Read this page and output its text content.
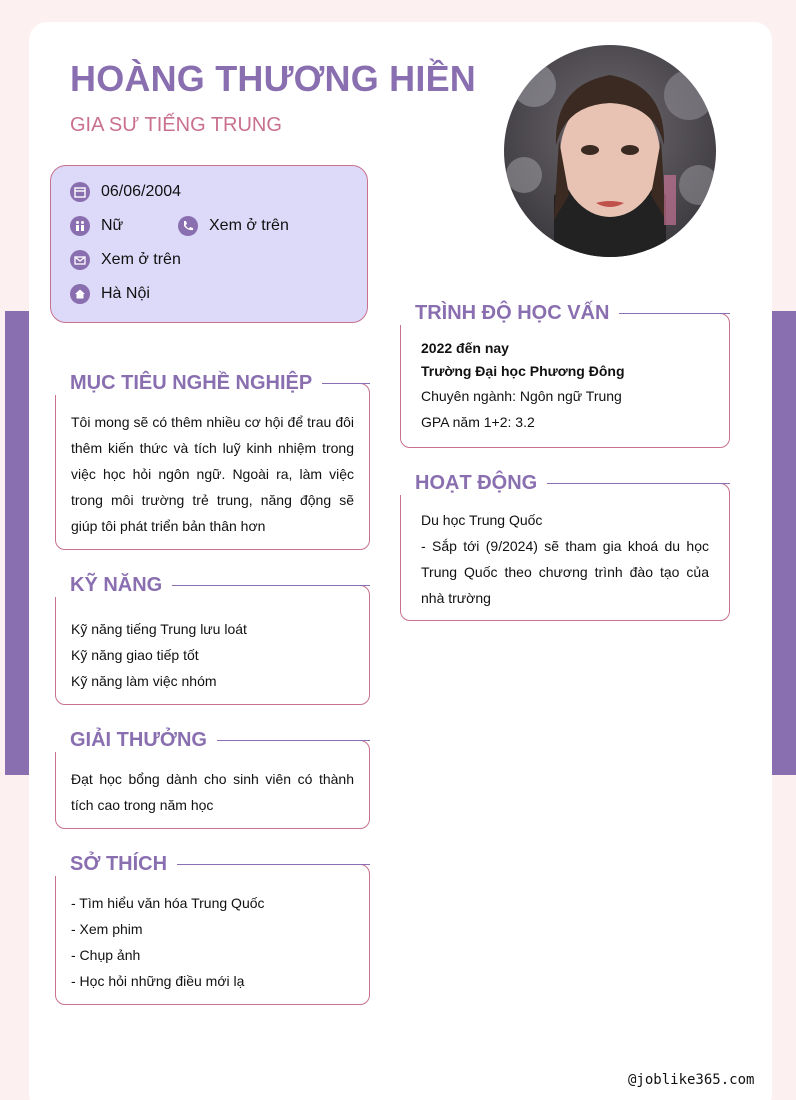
HOÀNG THƯƠNG HIỀN
GIA SƯ TIẾNG TRUNG
06/06/2004
Nữ	Xem ở trên
Xem ở trên
Hà Nội
MỤC TIÊU NGHỀ NGHIỆP
Tôi mong sẽ có thêm nhiều cơ hội để trau đôi thêm kiến thức và tích luỹ kinh nhiệm trong việc học hỏi ngôn ngữ. Ngoài ra, làm việc trong môi trường trẻ trung, năng động sẽ giúp tôi phát triển bản thân hơn
KỸ NĂNG
Kỹ năng tiếng Trung lưu loát
Kỹ năng giao tiếp tốt
Kỹ năng làm việc nhóm
GIẢI THƯỞNG
Đạt học bổng dành cho sinh viên có thành tích cao trong năm học
SỞ THÍCH
- Tìm hiểu văn hóa Trung Quốc
- Xem phim
- Chụp ảnh
- Học hỏi những điều mới lạ
TRÌNH ĐỘ HỌC VẤN
2022 đến nay
Trường Đại học Phương Đông
Chuyên ngành: Ngôn ngữ Trung
GPA năm 1+2: 3.2
HOẠT ĐỘNG
Du học Trung Quốc
- Sắp tới (9/2024) sẽ tham gia khoá du học Trung Quốc theo chương trình đào tạo của nhà trường
@joblike365.com
